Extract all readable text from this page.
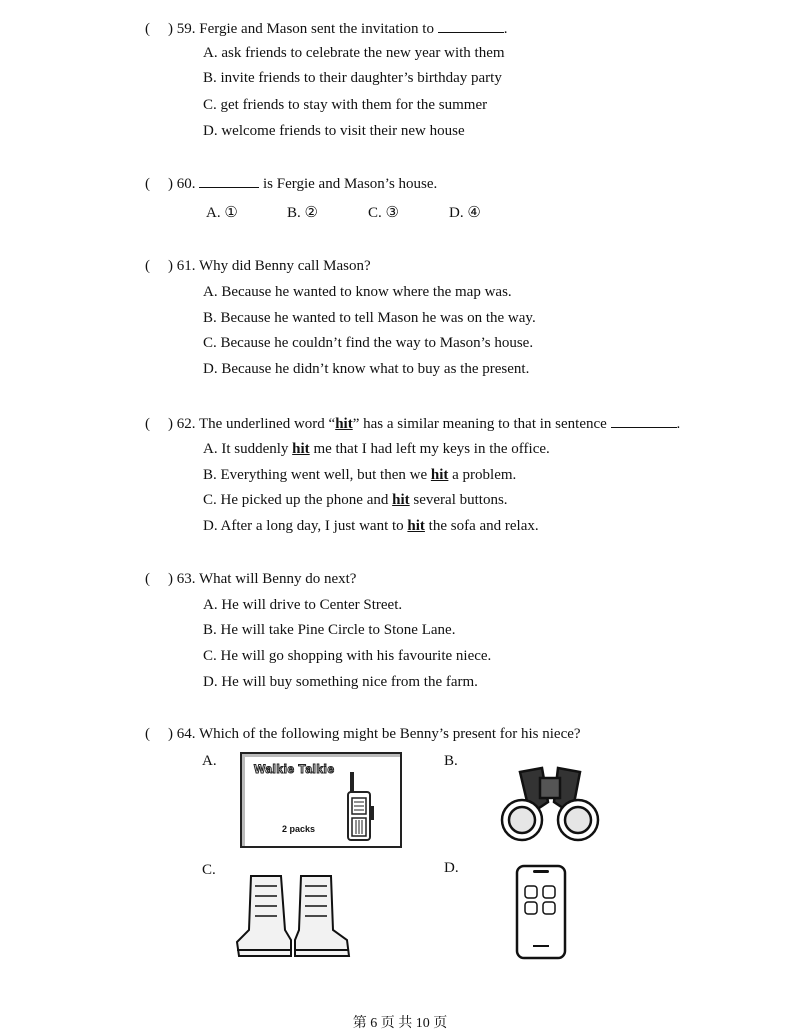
( ) 59. Fergie and Mason sent the invitation to	.
A. ask friends to celebrate the new year with them
B. invite friends to their daughter’s birthday party
C. get friends to stay with them for the summer
D. welcome friends to visit their new house
( ) 60.	is Fergie and Mason’s house.
A. ①	B. ②	C. ③	D. ④
( ) 61. Why did Benny call Mason?
A. Because he wanted to know where the map was.
B. Because he wanted to tell Mason he was on the way.
C. Because he couldn’t find the way to Mason’s house.
D. Because he didn’t know what to buy as the present.
( ) 62. The underlined word “hit” has a similar meaning to that in sentence	.
A. It suddenly hit me that I had left my keys in the office.
B. Everything went well, but then we hit a problem.
C. He picked up the phone and hit several buttons.
D. After a long day, I just want to hit the sofa and relax.
( ) 63. What will Benny do next?
A. He will drive to Center Street.
B. He will take Pine Circle to Stone Lane.
C. He will go shopping with his favourite niece.
D. He will buy something nice from the farm.
( ) 64. Which of the following might be Benny’s present for his niece?
A.	B.
C.	D.
Walkie Talkie
2 packs
第 6 页 共 10 页
